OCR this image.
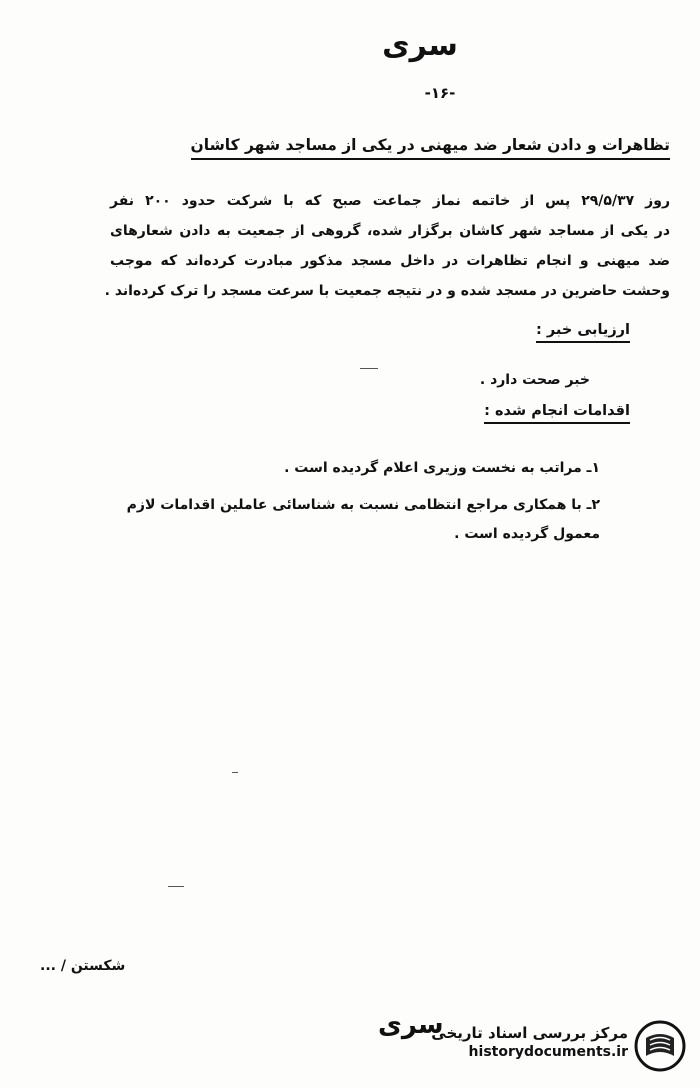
سری
-۱۶-
تظاهرات و دادن شعار ضد میهنی در یکی از مساجد شهر کاشان
روز ۲۹/۵/۳۷ پس از خاتمه نماز جماعت صبح که با شرکت حدود ۲۰۰ نفر
در یکی از مساجد شهر کاشان برگزار شده، گروهی از جمعیت به دادن شعارهای
ضد میهنی و انجام تظاهرات در داخل مسجد مذکور مبادرت کرده‌اند که موجب
وحشت حاضرین در مسجد شده و در نتیجه جمعیت با سرعت مسجد را ترک کرده‌اند .
ارزیابی خبر :
خبر صحت دارد .
اقدامات انجام شده :
۱ـ مراتب به نخست وزیری اعلام گردیده است .
۲ـ با همکاری مراجع انتظامی نسبت به شناسائی عاملین اقدامات لازم
معمول گردیده است .
شکستن / ...
سری
مرکز بررسی اسناد تاریخی
historydocuments.ir
